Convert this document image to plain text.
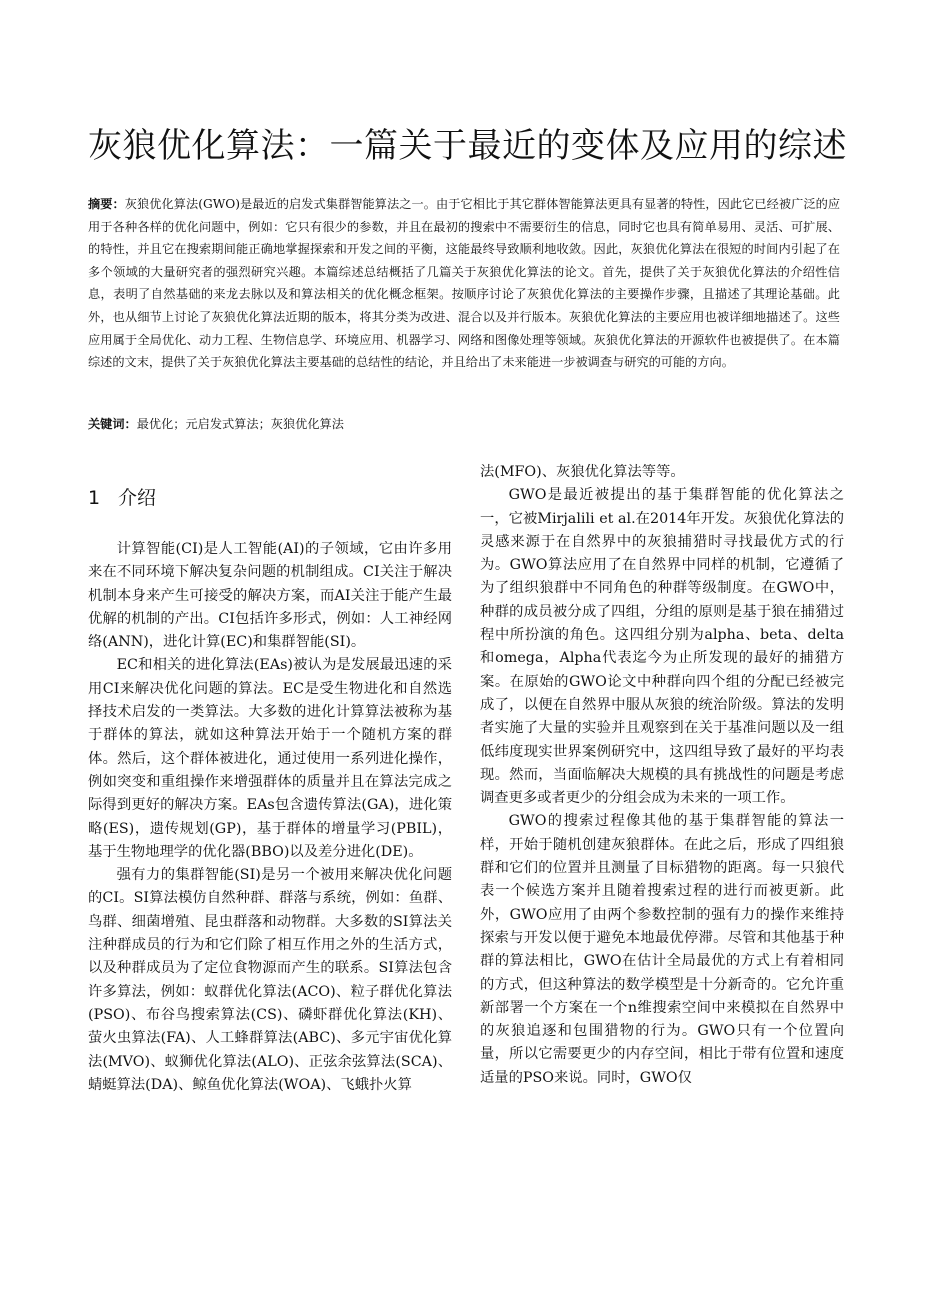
灰狼优化算法：一篇关于最近的变体及应用的综述

摘要：灰狼优化算法(GWO)是最近的启发式集群智能算法之一。由于它相比于其它群体智能算法更具有显著的特性，因此它已经被广泛的应用于各种各样的优化问题中，例如：它只有很少的参数，并且在最初的搜索中不需要衍生的信息，同时它也具有简单易用、灵活、可扩展、的特性，并且它在搜索期间能正确地掌握探索和开发之间的平衡，这能最终导致顺利地收敛。因此，灰狼优化算法在很短的时间内引起了在多个领域的大量研究者的强烈研究兴趣。本篇综述总结概括了几篇关于灰狼优化算法的论文。首先，提供了关于灰狼优化算法的介绍性信息，表明了自然基础的来龙去脉以及和算法相关的优化概念框架。按顺序讨论了灰狼优化算法的主要操作步骤，且描述了其理论基础。此外，也从细节上讨论了灰狼优化算法近期的版本，将其分类为改进、混合以及并行版本。灰狼优化算法的主要应用也被详细地描述了。这些应用属于全局优化、动力工程、生物信息学、环境应用、机器学习、网络和图像处理等领域。灰狼优化算法的开源软件也被提供了。在本篇综述的文末，提供了关于灰狼优化算法主要基础的总结性的结论，并且给出了未来能进一步被调查与研究的可能的方向。

关键词：最优化；元启发式算法；灰狼优化算法

1 介绍

计算智能(CI)是人工智能(AI)的子领域，它由许多用来在不同环境下解决复杂问题的机制组成。CI关注于解决机制本身来产生可接受的解决方案，而AI关注于能产生最优解的机制的产出。CI包括许多形式，例如：人工神经网络(ANN)，进化计算(EC)和集群智能(SI)。

EC和相关的进化算法(EAs)被认为是发展最迅速的采用CI来解决优化问题的算法。EC是受生物进化和自然选择技术启发的一类算法。大多数的进化计算算法被称为基于群体的算法，就如这种算法开始于一个随机方案的群体。然后，这个群体被进化，通过使用一系列进化操作，例如突变和重组操作来增强群体的质量并且在算法完成之际得到更好的解决方案。EAs包含遗传算法(GA)，进化策略(ES)，遗传规划(GP)，基于群体的增量学习(PBIL)，基于生物地理学的优化器(BBO)以及差分进化(DE)。

强有力的集群智能(SI)是另一个被用来解决优化问题的CI。SI算法模仿自然种群、群落与系统，例如：鱼群、鸟群、细菌增殖、昆虫群落和动物群。大多数的SI算法关注种群成员的行为和它们除了相互作用之外的生活方式，以及种群成员为了定位食物源而产生的联系。SI算法包含许多算法，例如：蚁群优化算法(ACO)、粒子群优化算法(PSO)、布谷鸟搜索算法(CS)、磷虾群优化算法(KH)、萤火虫算法(FA)、人工蜂群算法(ABC)、多元宇宙优化算法(MVO)、蚁狮优化算法(ALO)、正弦余弦算法(SCA)、蜻蜓算法(DA)、鲸鱼优化算法(WOA)、飞蛾扑火算

法(MFO)、灰狼优化算法等等。

GWO是最近被提出的基于集群智能的优化算法之一，它被Mirjalili et al.在2014年开发。灰狼优化算法的灵感来源于在自然界中的灰狼捕猎时寻找最优方式的行为。GWO算法应用了在自然界中同样的机制，它遵循了为了组织狼群中不同角色的种群等级制度。在GWO中，种群的成员被分成了四组，分组的原则是基于狼在捕猎过程中所扮演的角色。这四组分别为alpha、beta、delta和omega，Alpha代表迄今为止所发现的最好的捕猎方案。在原始的GWO论文中种群向四个组的分配已经被完成了，以便在自然界中服从灰狼的统治阶级。算法的发明者实施了大量的实验并且观察到在关于基准问题以及一组低纬度现实世界案例研究中，这四组导致了最好的平均表现。然而，当面临解决大规模的具有挑战性的问题是考虑调查更多或者更少的分组会成为未来的一项工作。

GWO的搜索过程像其他的基于集群智能的算法一样，开始于随机创建灰狼群体。在此之后，形成了四组狼群和它们的位置并且测量了目标猎物的距离。每一只狼代表一个候选方案并且随着搜索过程的进行而被更新。此外，GWO应用了由两个参数控制的强有力的操作来维持探索与开发以便于避免本地最优停滞。尽管和其他基于种群的算法相比，GWO在估计全局最优的方式上有着相同的方式，但这种算法的数学模型是十分新奇的。它允许重新部署一个方案在一个n维搜索空间中来模拟在自然界中的灰狼追逐和包围猎物的行为。GWO只有一个位置向量，所以它需要更少的内存空间，相比于带有位置和速度适量的PSO来说。同时，GWO仅
